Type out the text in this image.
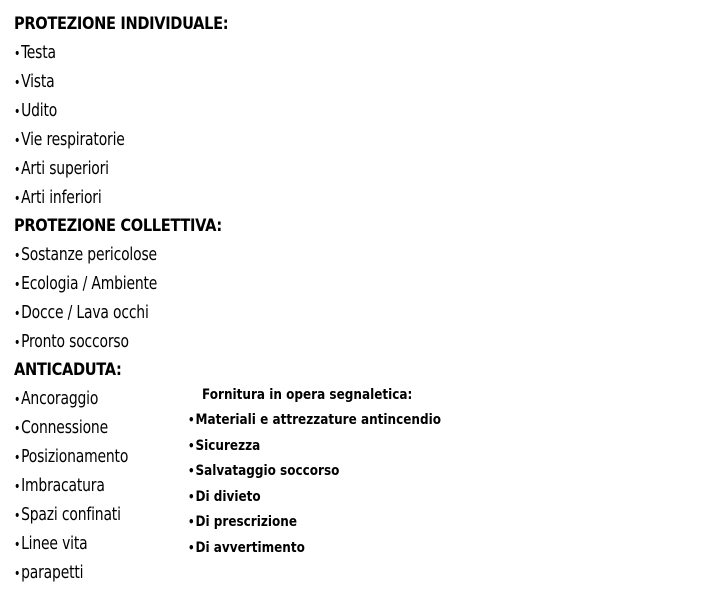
PROTEZIONE INDIVIDUALE:
•Testa
•Vista
•Udito
•Vie respiratorie
•Arti superiori
•Arti inferiori
PROTEZIONE COLLETTIVA:
•Sostanze pericolose
•Ecologia / Ambiente
•Docce / Lava occhi
•Pronto soccorso
ANTICADUTA:
•Ancoraggio
•Connessione
•Posizionamento
•Imbracatura
•Spazi confinati
•Linee vita
•parapetti
Fornitura in opera segnaletica:
•Materiali e attrezzature antincendio
•Sicurezza
•Salvataggio soccorso
•Di divieto
•Di prescrizione
•Di avvertimento
